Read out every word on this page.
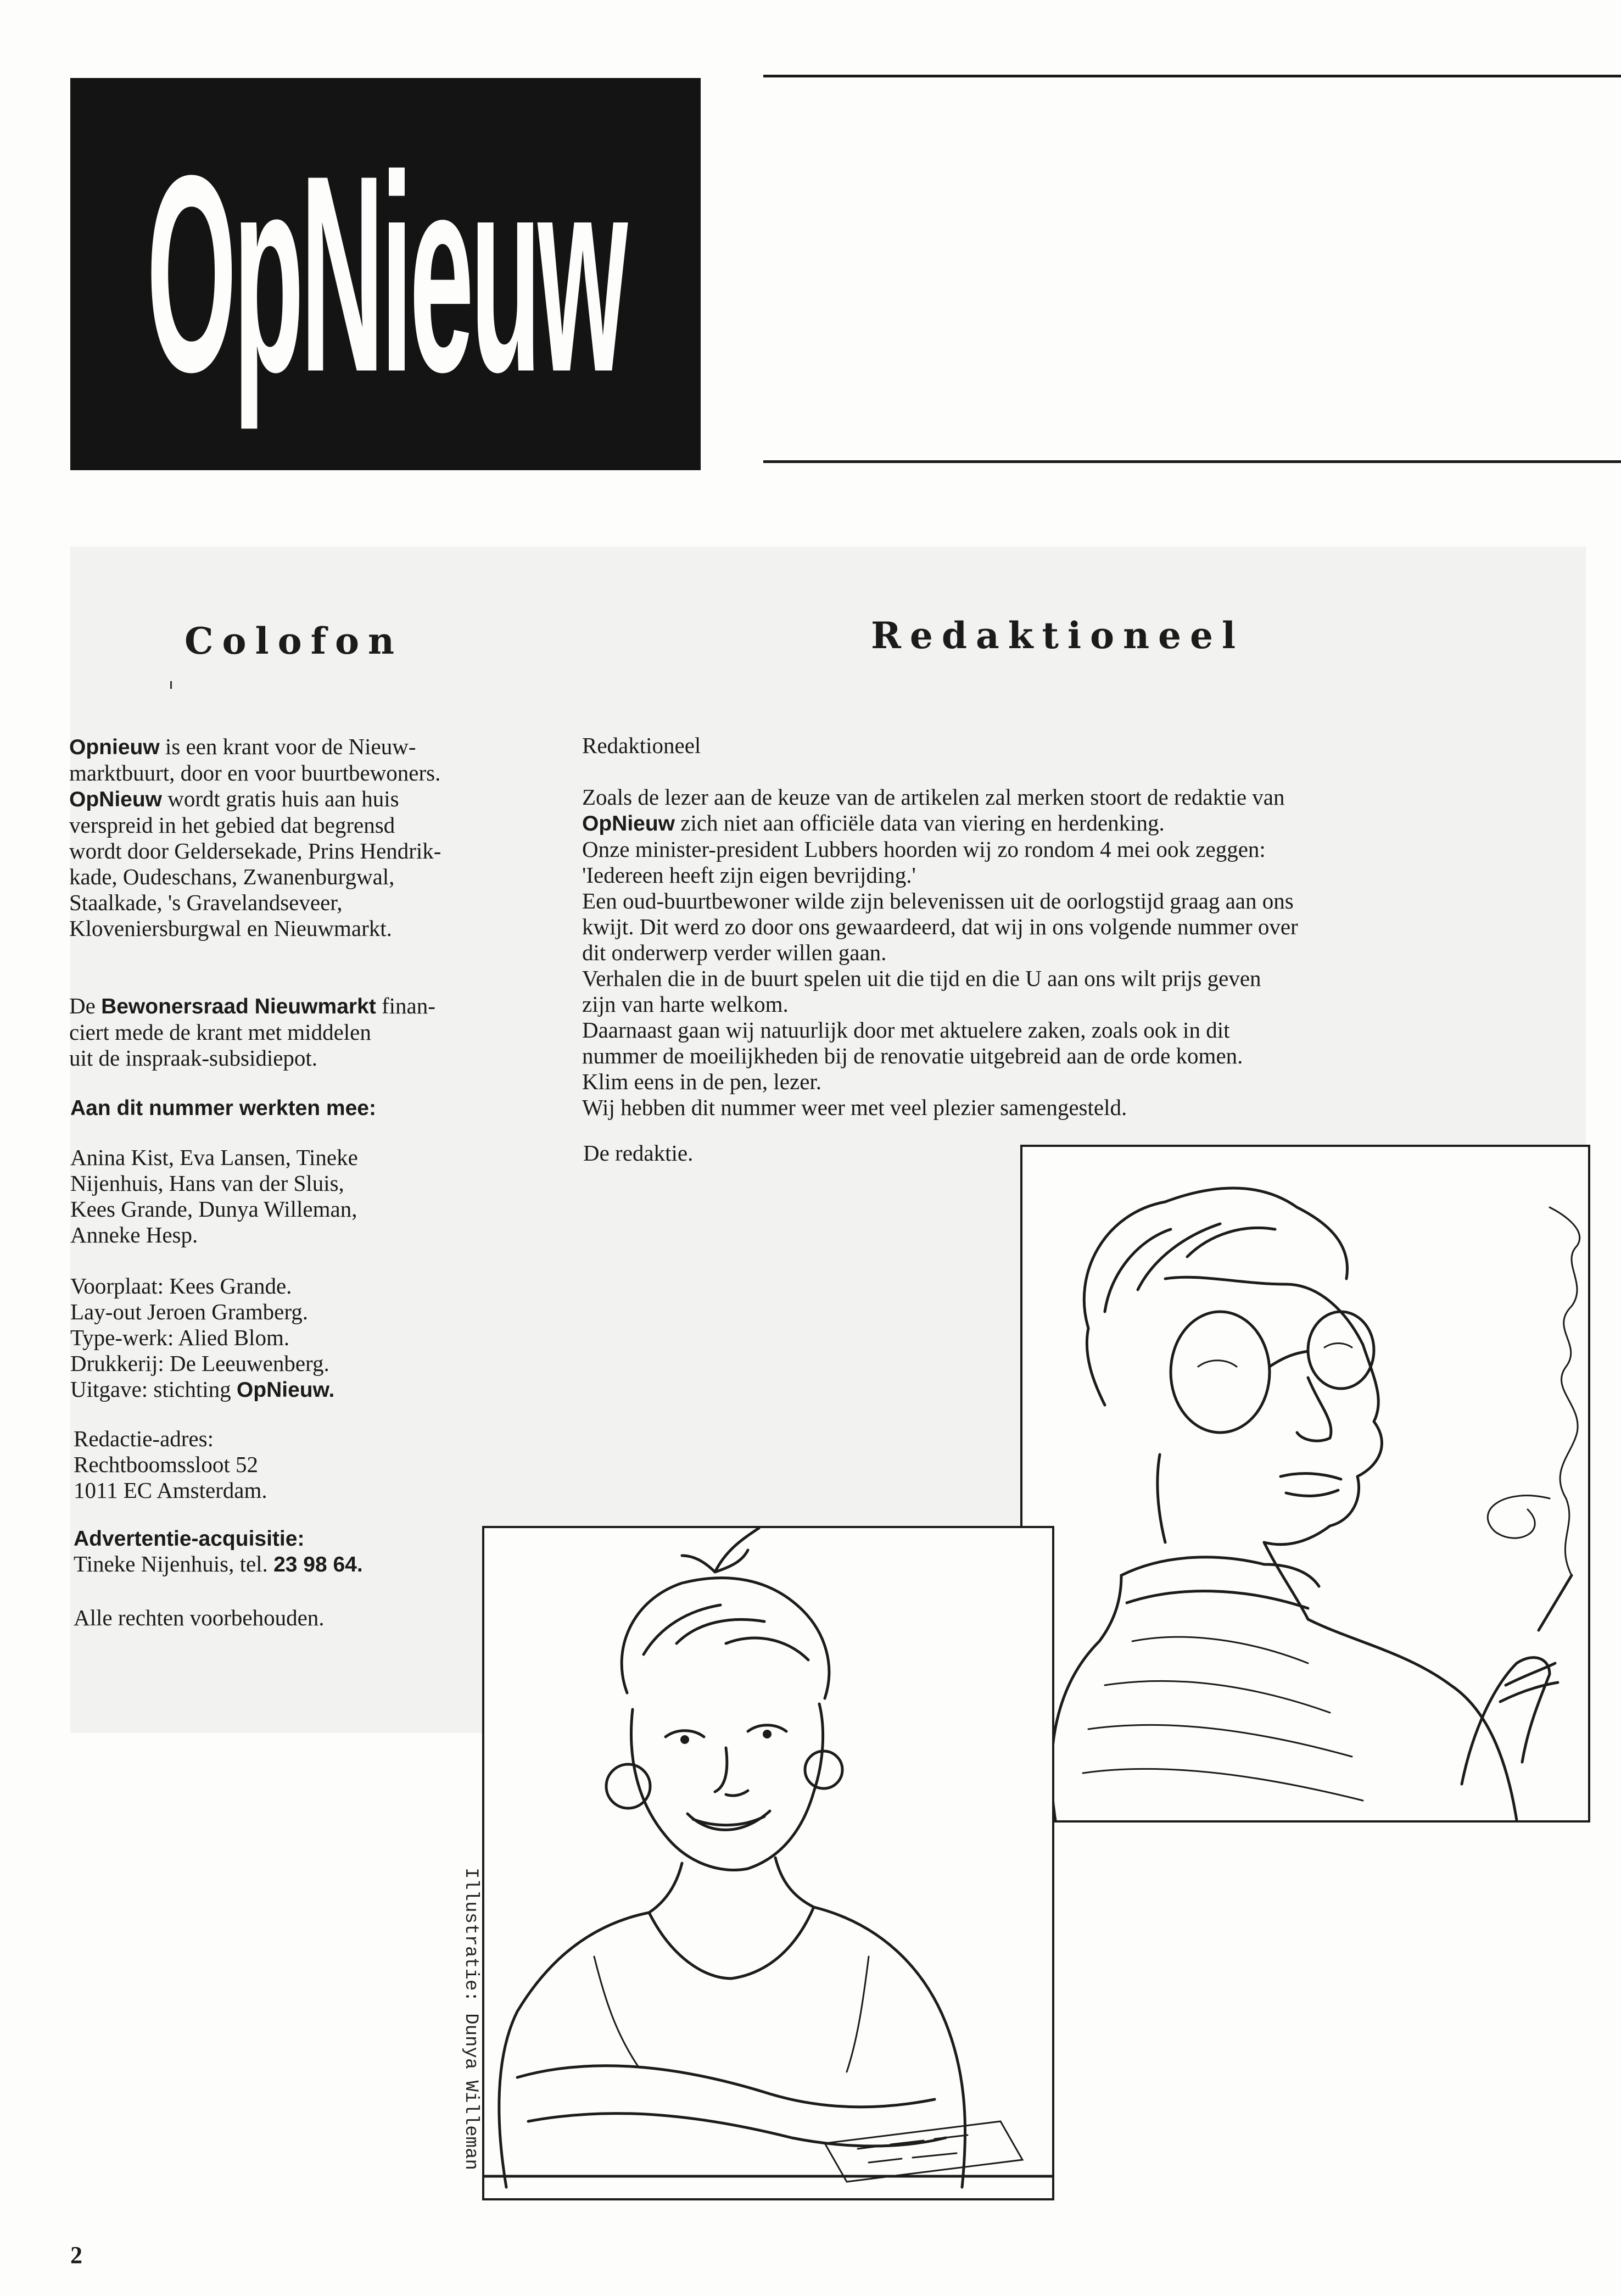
OpNieuw
Colofon
Opnieuw is een krant voor de Nieuw-
marktbuurt, door en voor buurtbewoners.
OpNieuw wordt gratis huis aan huis
verspreid in het gebied dat begrensd
wordt door Geldersekade, Prins Hendrik-
kade, Oudeschans, Zwanenburgwal,
Staalkade, 's Gravelandseveer,
Kloveniersburgwal en Nieuwmarkt.
De Bewonersraad Nieuwmarkt finan-
ciert mede de krant met middelen
uit de inspraak-subsidiepot.
Aan dit nummer werkten mee:
Anina Kist, Eva Lansen, Tineke
Nijenhuis, Hans van der Sluis,
Kees Grande, Dunya Willeman,
Anneke Hesp.
Voorplaat: Kees Grande.
Lay-out Jeroen Gramberg.
Type-werk: Alied Blom.
Drukkerij: De Leeuwenberg.
Uitgave: stichting OpNieuw.
Redactie-adres:
Rechtboomssloot 52
1011 EC Amsterdam.
Advertentie-acquisitie:
Tineke Nijenhuis, tel. 23 98 64.
Alle rechten voorbehouden.
Redaktioneel
Redaktioneel
Zoals de lezer aan de keuze van de artikelen zal merken stoort de redaktie van
OpNieuw zich niet aan officiële data van viering en herdenking.
Onze minister-president Lubbers hoorden wij zo rondom 4 mei ook zeggen:
'Iedereen heeft zijn eigen bevrijding.'
Een oud-buurtbewoner wilde zijn belevenissen uit de oorlogstijd graag aan ons
kwijt. Dit werd zo door ons gewaardeerd, dat wij in ons volgende nummer over
dit onderwerp verder willen gaan.
Verhalen die in de buurt spelen uit die tijd en die U aan ons wilt prijs geven
zijn van harte welkom.
Daarnaast gaan wij natuurlijk door met aktuelere zaken, zoals ook in dit
nummer de moeilijkheden bij de renovatie uitgebreid aan de orde komen.
Klim eens in de pen, lezer.
Wij hebben dit nummer weer met veel plezier samengesteld.
De redaktie.
Illustratie: Dunya Willeman
2
